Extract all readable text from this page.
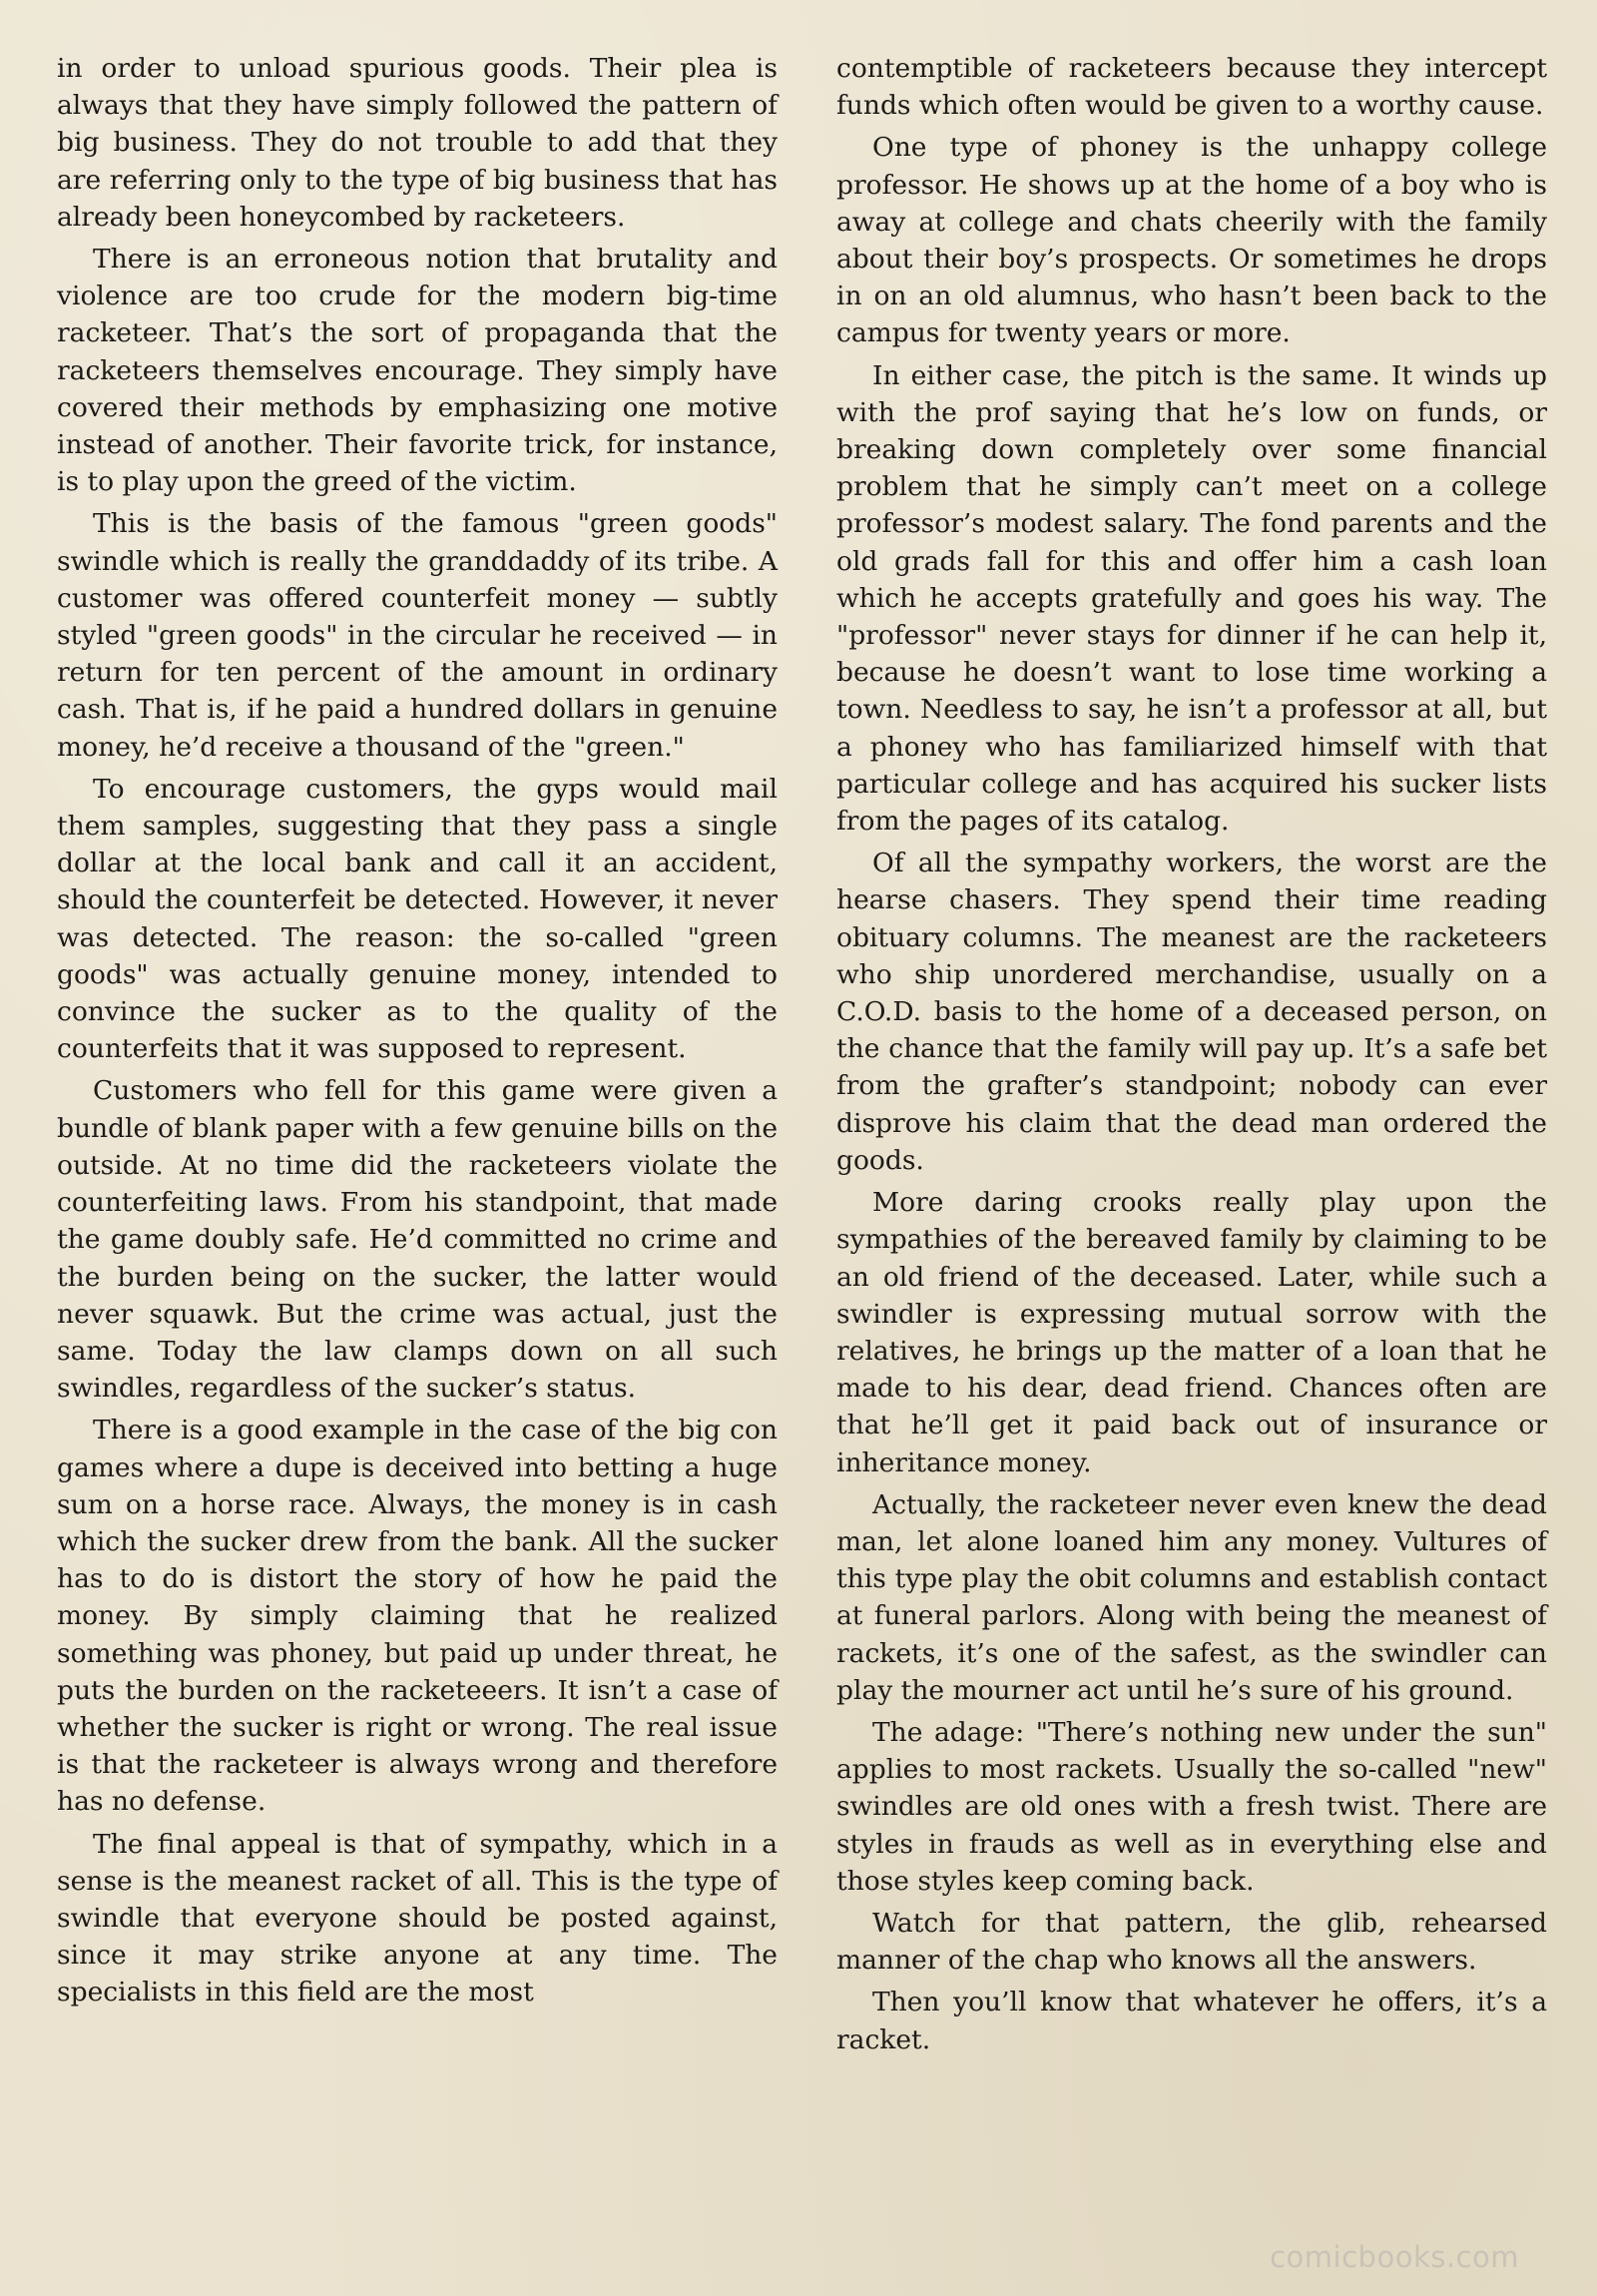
in order to unload spurious goods. Their plea is always that they have simply followed the pattern of big business. They do not trouble to add that they are referring only to the type of big business that has already been honeycombed by racketeers.

There is an erroneous notion that brutality and violence are too crude for the modern big-time racketeer. That’s the sort of propaganda that the racketeers themselves encourage. They simply have covered their methods by emphasizing one motive instead of another. Their favorite trick, for instance, is to play upon the greed of the victim.

This is the basis of the famous "green goods" swindle which is really the granddaddy of its tribe. A customer was offered counterfeit money — subtly styled "green goods" in the circular he received — in return for ten percent of the amount in ordinary cash. That is, if he paid a hundred dollars in genuine money, he’d receive a thousand of the "green."

To encourage customers, the gyps would mail them samples, suggesting that they pass a single dollar at the local bank and call it an accident, should the counterfeit be detected. However, it never was detected. The reason: the so-called "green goods" was actually genuine money, intended to convince the sucker as to the quality of the counterfeits that it was supposed to represent.

Customers who fell for this game were given a bundle of blank paper with a few genuine bills on the outside. At no time did the racketeers violate the counterfeiting laws. From his standpoint, that made the game doubly safe. He’d committed no crime and the burden being on the sucker, the latter would never squawk. But the crime was actual, just the same. Today the law clamps down on all such swindles, regardless of the sucker’s status.

There is a good example in the case of the big con games where a dupe is deceived into betting a huge sum on a horse race. Always, the money is in cash which the sucker drew from the bank. All the sucker has to do is distort the story of how he paid the money. By simply claiming that he realized something was phoney, but paid up under threat, he puts the burden on the racketeeers. It isn’t a case of whether the sucker is right or wrong. The real issue is that the racketeer is always wrong and therefore has no defense.

The final appeal is that of sympathy, which in a sense is the meanest racket of all. This is the type of swindle that everyone should be posted against, since it may strike anyone at any time. The specialists in this field are the most

contemptible of racketeers because they intercept funds which often would be given to a worthy cause.

One type of phoney is the unhappy college professor. He shows up at the home of a boy who is away at college and chats cheerily with the family about their boy’s prospects. Or sometimes he drops in on an old alumnus, who hasn’t been back to the campus for twenty years or more.

In either case, the pitch is the same. It winds up with the prof saying that he’s low on funds, or breaking down completely over some financial problem that he simply can’t meet on a college professor’s modest salary. The fond parents and the old grads fall for this and offer him a cash loan which he accepts gratefully and goes his way. The "professor" never stays for dinner if he can help it, because he doesn’t want to lose time working a town. Needless to say, he isn’t a professor at all, but a phoney who has familiarized himself with that particular college and has acquired his sucker lists from the pages of its catalog.

Of all the sympathy workers, the worst are the hearse chasers. They spend their time reading obituary columns. The meanest are the racketeers who ship unordered merchandise, usually on a C.O.D. basis to the home of a deceased person, on the chance that the family will pay up. It’s a safe bet from the grafter’s standpoint; nobody can ever disprove his claim that the dead man ordered the goods.

More daring crooks really play upon the sympathies of the bereaved family by claiming to be an old friend of the deceased. Later, while such a swindler is expressing mutual sorrow with the relatives, he brings up the matter of a loan that he made to his dear, dead friend. Chances often are that he’ll get it paid back out of insurance or inheritance money.

Actually, the racketeer never even knew the dead man, let alone loaned him any money. Vultures of this type play the obit columns and establish contact at funeral parlors. Along with being the meanest of rackets, it’s one of the safest, as the swindler can play the mourner act until he’s sure of his ground.

The adage: "There’s nothing new under the sun" applies to most rackets. Usually the so-called "new" swindles are old ones with a fresh twist. There are styles in frauds as well as in everything else and those styles keep coming back.

Watch for that pattern, the glib, rehearsed manner of the chap who knows all the answers.

Then you’ll know that whatever he offers, it’s a racket.

comicbooks.com
